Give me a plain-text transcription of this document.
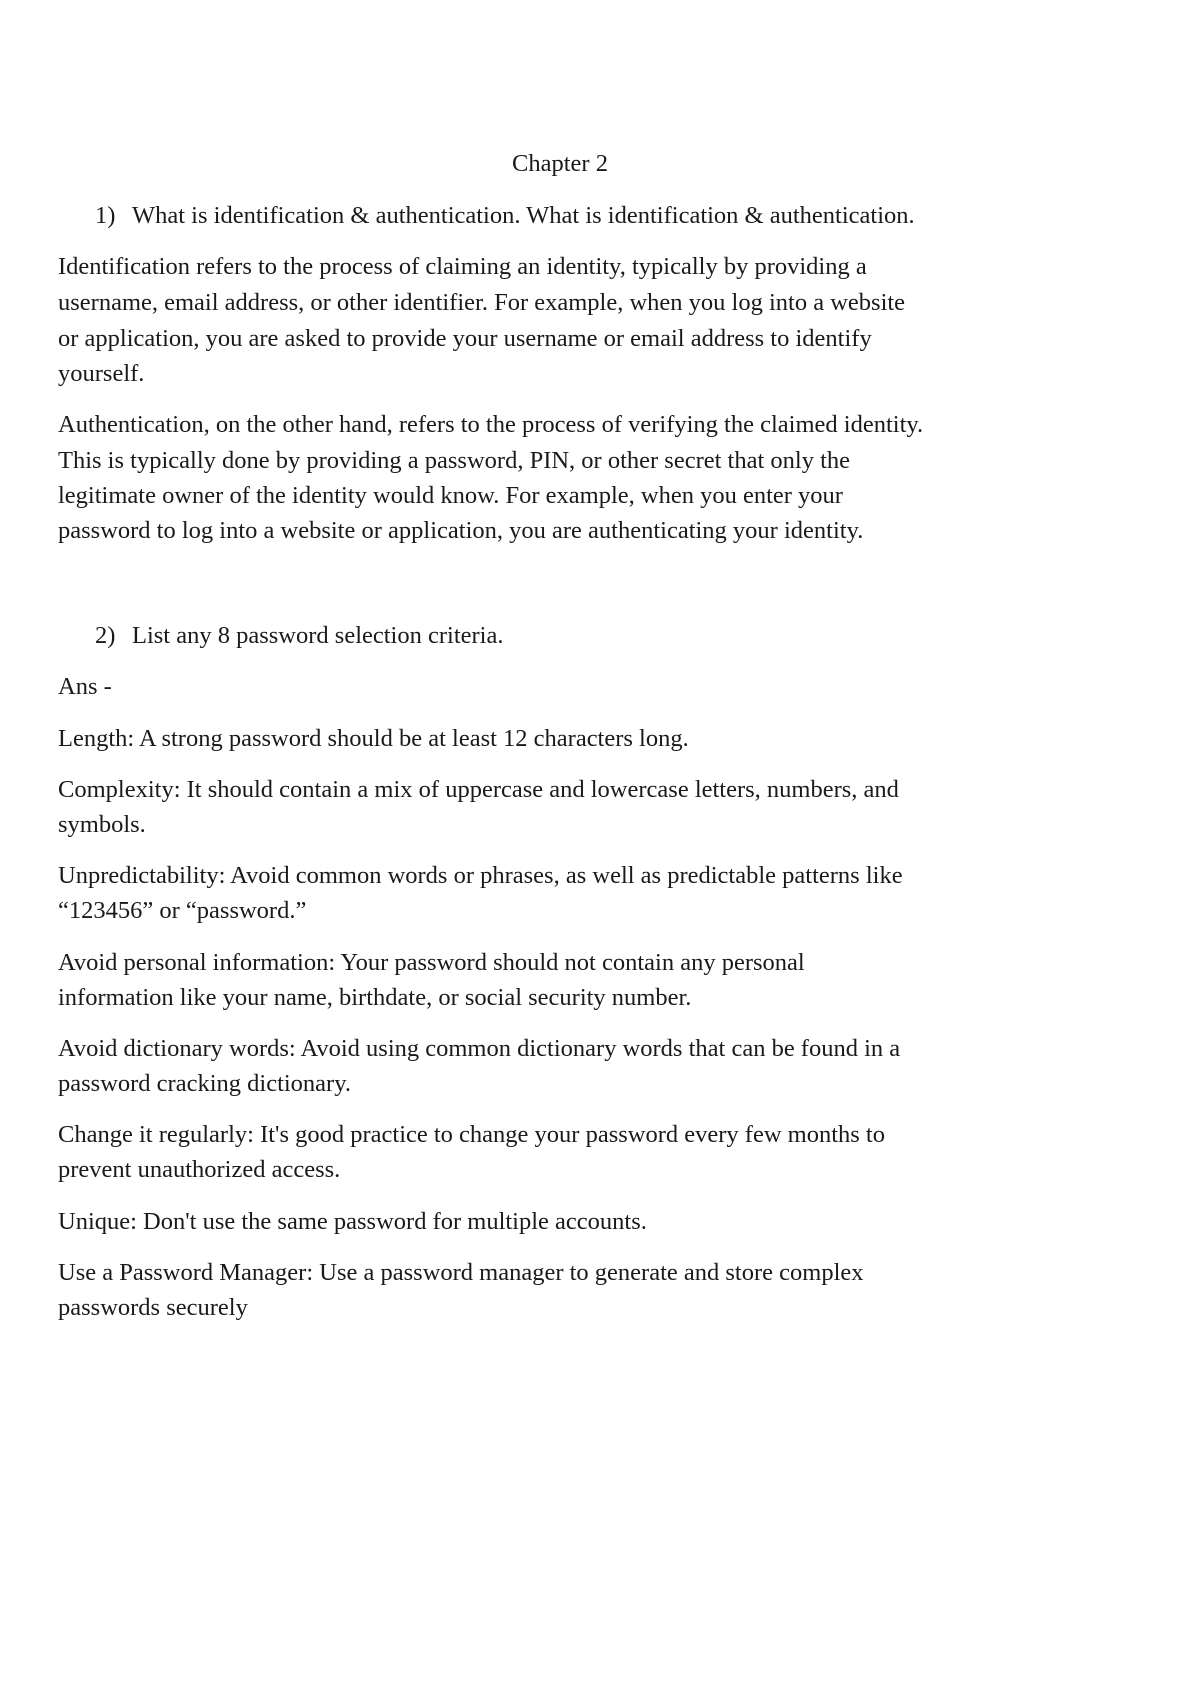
Chapter 2
1) What is identification & authentication. What is identification & authentication.
Identification refers to the process of claiming an identity, typically by providing a
username, email address, or other identifier. For example, when you log into a website
or application, you are asked to provide your username or email address to identify
yourself.
Authentication, on the other hand, refers to the process of verifying the claimed identity.
This is typically done by providing a password, PIN, or other secret that only the
legitimate owner of the identity would know. For example, when you enter your
password to log into a website or application, you are authenticating your identity.
2) List any 8 password selection criteria.
Ans -
Length: A strong password should be at least 12 characters long.
Complexity: It should contain a mix of uppercase and lowercase letters, numbers, and
symbols.
Unpredictability: Avoid common words or phrases, as well as predictable patterns like
“123456” or “password.”
Avoid personal information: Your password should not contain any personal
information like your name, birthdate, or social security number.
Avoid dictionary words: Avoid using common dictionary words that can be found in a
password cracking dictionary.
Change it regularly: It's good practice to change your password every few months to
prevent unauthorized access.
Unique: Don't use the same password for multiple accounts.
Use a Password Manager: Use a password manager to generate and store complex
passwords securely
